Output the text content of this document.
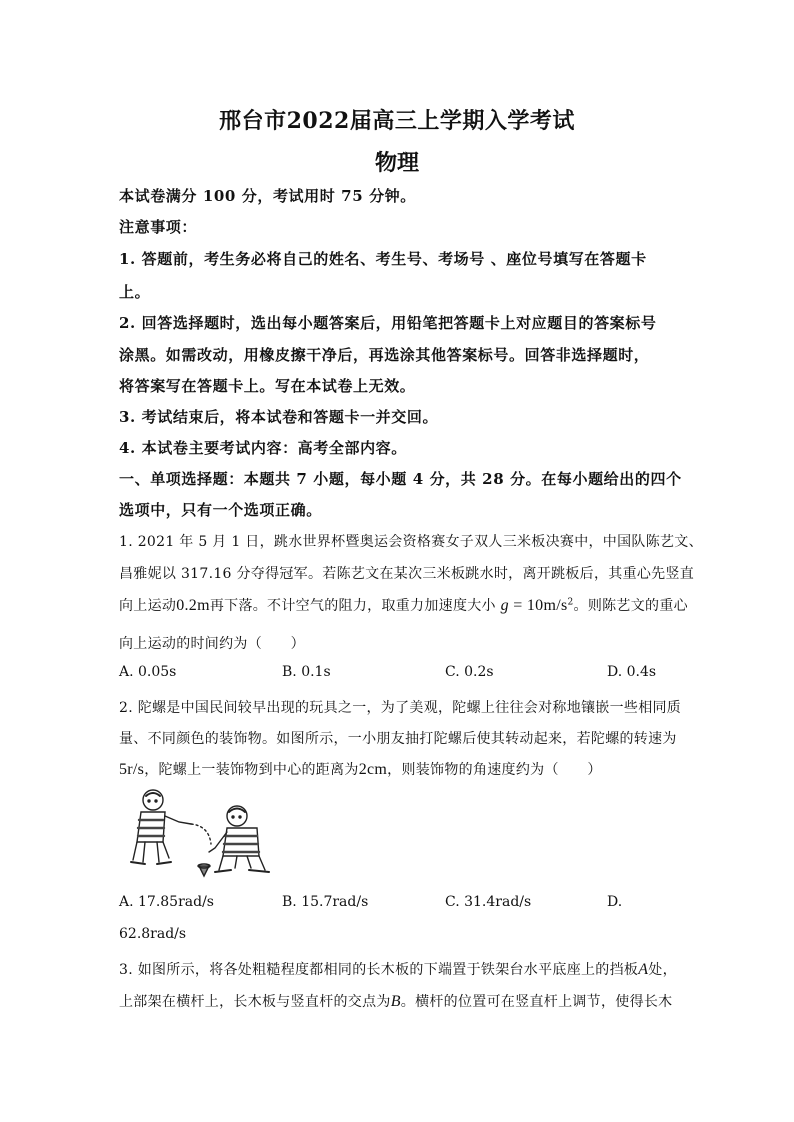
邢台市2022届高三上学期入学考试
物理
本试卷满分 100 分，考试用时 75 分钟。
注意事项：
1. 答题前，考生务必将自己的姓名、考生号、考场号 、座位号填写在答题卡
上。
2. 回答选择题时，选出每小题答案后，用铅笔把答题卡上对应题目的答案标号
涂黑。如需改动，用橡皮擦干净后，再选涂其他答案标号。回答非选择题时，
将答案写在答题卡上。写在本试卷上无效。
3. 考试结束后，将本试卷和答题卡一并交回。
4. 本试卷主要考试内容：高考全部内容。
一、单项选择题：本题共 7 小题，每小题 4 分，共 28 分。在每小题给出的四个
选项中，只有一个选项正确。
1. 2021 年 5 月 1 日，跳水世界杯暨奥运会资格赛女子双人三米板决赛中，中国队陈艺文、
昌雅妮以 317.16 分夺得冠军。若陈艺文在某次三米板跳水时，离开跳板后，其重心先竖直
向上运动0.2m再下落。不计空气的阻力，取重力加速度大小 $g = 10m/s^2$。则陈艺文的重心
向上运动的时间约为（　　）
A. 0.05s	B. 0.1s	C. 0.2s	D. 0.4s
2. 陀螺是中国民间较早出现的玩具之一，为了美观，陀螺上往往会对称地镶嵌一些相同质
量、不同颜色的装饰物。如图所示，一小朋友抽打陀螺后使其转动起来，若陀螺的转速为
5r/s，陀螺上一装饰物到中心的距离为2cm，则装饰物的角速度约为（　　）
A. 17.85rad/s	B. 15.7rad/s	C. 31.4rad/s	D.
62.8rad/s
3. 如图所示，将各处粗糙程度都相同的长木板的下端置于铁架台水平底座上的挡板A处，
上部架在横杆上，长木板与竖直杆的交点为B。横杆的位置可在竖直杆上调节，使得长木
